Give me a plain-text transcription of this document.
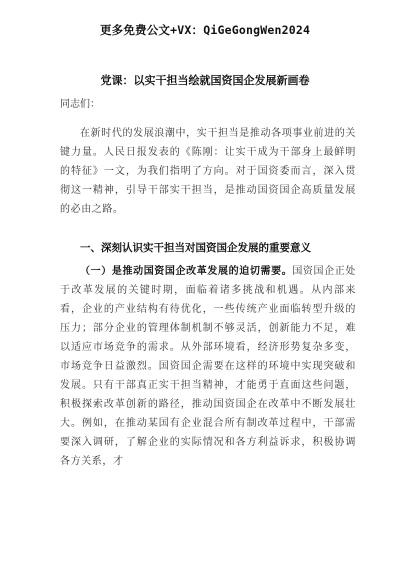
更多免费公文+VX：QiGeGongWen2024
党课：以实干担当绘就国资国企发展新画卷
同志们：

在新时代的发展浪潮中，实干担当是推动各项事业前进的关键力量。人民日报发表的《陈刚：让实干成为干部身上最鲜明的特征》一文，为我们指明了方向。对于国资委而言，深入贯彻这一精神，引导干部实干担当，是推动国资国企高质量发展的必由之路。

一、深刻认识实干担当对国资国企发展的重要意义

（一）是推动国资国企改革发展的迫切需要。国资国企正处于改革发展的关键时期，面临着诸多挑战和机遇。从内部来看，企业的产业结构有待优化，一些传统产业面临转型升级的压力；部分企业的管理体制机制不够灵活，创新能力不足，难以适应市场竞争的需求。从外部环境看，经济形势复杂多变，市场竞争日益激烈。国资国企需要在这样的环境中实现突破和发展。只有干部真正实干担当精神，才能勇于直面这些问题，积极探索改革创新的路径，推动国资国企在改革中不断发展壮大。例如，在推动某国有企业混合所有制改革过程中，干部需要深入调研，了解企业的实际情况和各方利益诉求，积极协调各方关系，才
